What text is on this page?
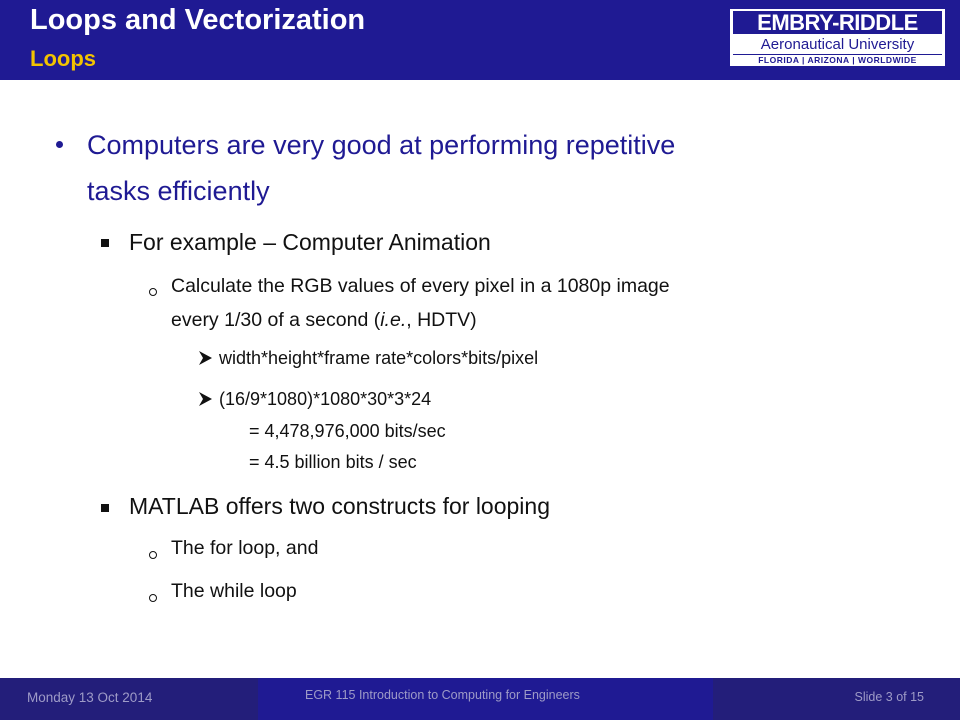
Loops and Vectorization
Loops
EMBRY-RIDDLE
Aeronautical University
FLORIDA | ARIZONA | WORLDWIDE
Computers are very good at performing repetitive
tasks efficiently
For example – Computer Animation
Calculate the RGB values of every pixel in a 1080p image
every 1/30 of a second (i.e., HDTV)
width*height*frame rate*colors*bits/pixel
(16/9*1080)*1080*30*3*24
= 4,478,976,000 bits/sec
= 4.5 billion bits / sec
MATLAB offers two constructs for looping
The for loop, and
The while loop
Monday 13 Oct 2014	EGR 115 Introduction to Computing for Engineers	Slide 3 of 15
